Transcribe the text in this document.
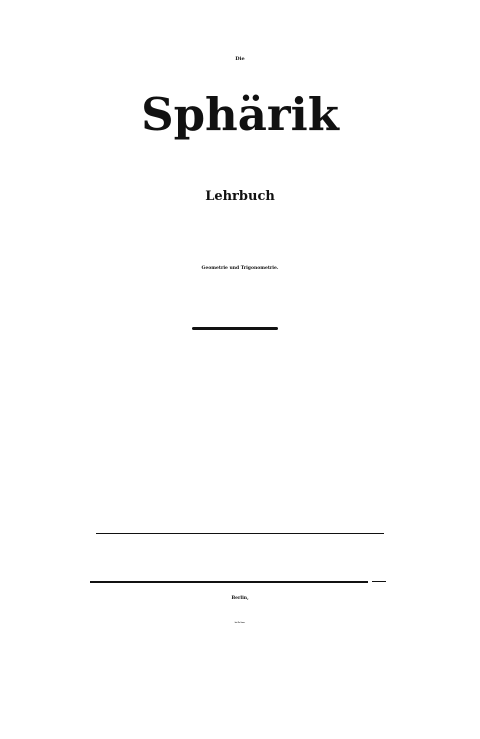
Die
Sphärik
Lehrbuch
Geometrie und Trigonometrie.
Berlin,
bei Fr. Laue.
